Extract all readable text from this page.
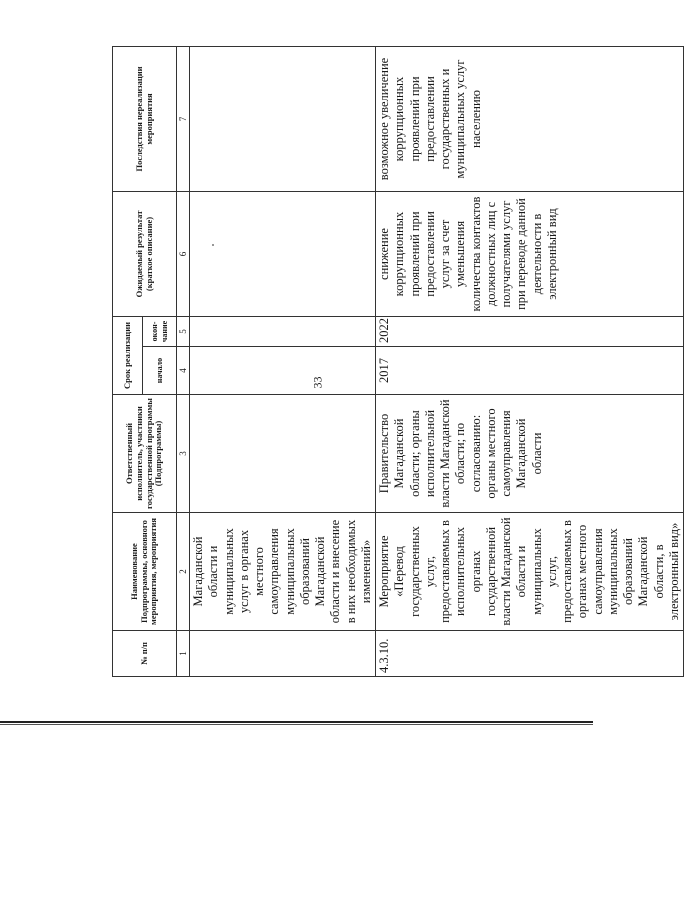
33
№ п/п	Наименование Подпрограммы, основного мероприятия, мероприятия	Ответственный исполнитель, участники государственной программы (Подпрограммы)	Срок реализации		Ожидаемый результат (краткое описание)	Последствия нереализации мероприятия
			начало	окон-чание		
1	2	3	4	5	6	7
	Магаданской области и муниципальных услуг в органах местного самоуправления муниципальных образований Магаданской области и внесение в них необходимых изменений»					
4.3.10.	Мероприятие «Перевод государственных услуг, предоставляемых в исполнительных органах государственной власти Магаданской области и муниципальных услуг, предоставляемых в органах местного самоуправления муниципальных образований Магаданской области, в электронный вид»	Правительство Магаданской области; органы исполнительной власти Магаданской области; по согласованию: органы местного самоуправления Магаданской области	2017	2022	снижение коррупционных проявлений при предоставлении услуг за счет уменьшения количества контактов должностных лиц с получателями услуг при переводе данной деятельности в электронный вид	возможное увеличение коррупционных проявлений при предоставлении государственных и муниципальных услуг населению
